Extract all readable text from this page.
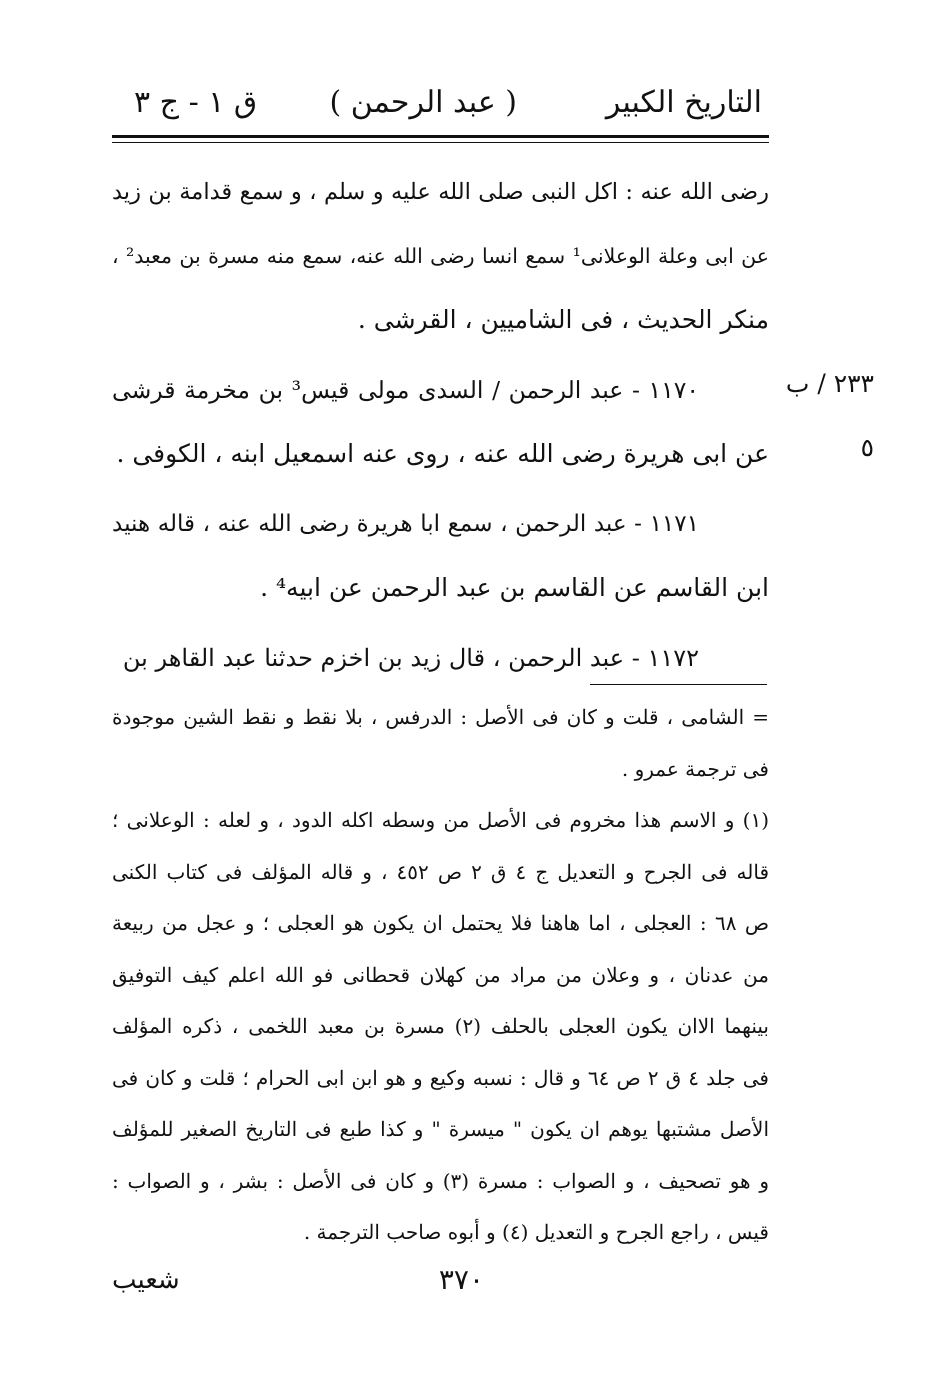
التاريخ الكبير
( عبد الرحمن )
ق ١ - ج ٣
رضى الله عنه : اكل النبى صلى الله عليه و سلم ، و سمع قدامة بن زيد
عن ابى وعلة الوعلانى¹ سمع انسا رضى الله عنه، سمع منه مسرة بن معبد² ،
منكر الحديث ، فى الشاميين ، القرشى .
١١٧٠ - عبد الرحمن / السدى مولى قيس³ بن مخرمة قرشى
عن ابى هريرة رضى الله عنه ، روى عنه اسمعيل ابنه ، الكوفى .
١١٧١ - عبد الرحمن ، سمع ابا هريرة رضى الله عنه ، قاله هنيد
ابن القاسم عن القاسم بن عبد الرحمن عن ابيه⁴ .
١١٧٢ - عبد الرحمن ، قال زيد بن اخزم حدثنا عبد القاهر بن
٢٣٣ / ب
٥
= الشامى ، قلت و كان فى الأصل : الدرفس ، بلا نقط و نقط الشين موجودة
فى ترجمة عمرو .
(١) و الاسم هذا مخروم فى الأصل من وسطه اكله الدود ، و لعله : الوعلانى ؛
قاله فى الجرح و التعديل ج ٤ ق ٢ ص ٤٥٢ ، و قاله المؤلف فى كتاب الكنى
ص ٦٨ : العجلى ، اما هاهنا فلا يحتمل ان يكون هو العجلى ؛ و عجل من ربيعة
من عدنان ، و وعلان من مراد من كهلان قحطانى فو الله اعلم كيف التوفيق
بينهما الاان يكون العجلى بالحلف (٢) مسرة بن معبد اللخمى ، ذكره المؤلف
فى جلد ٤ ق ٢ ص ٦٤ و قال : نسبه وكيع و هو ابن ابى الحرام ؛ قلت و كان فى
الأصل مشتبها يوهم ان يكون " ميسرة " و كذا طبع فى التاريخ الصغير للمؤلف
و هو تصحيف ، و الصواب : مسرة (٣) و كان فى الأصل : بشر ، و الصواب :
قيس ، راجع الجرح و التعديل (٤) و أبوه صاحب الترجمة .
٣٧٠
شعيب
